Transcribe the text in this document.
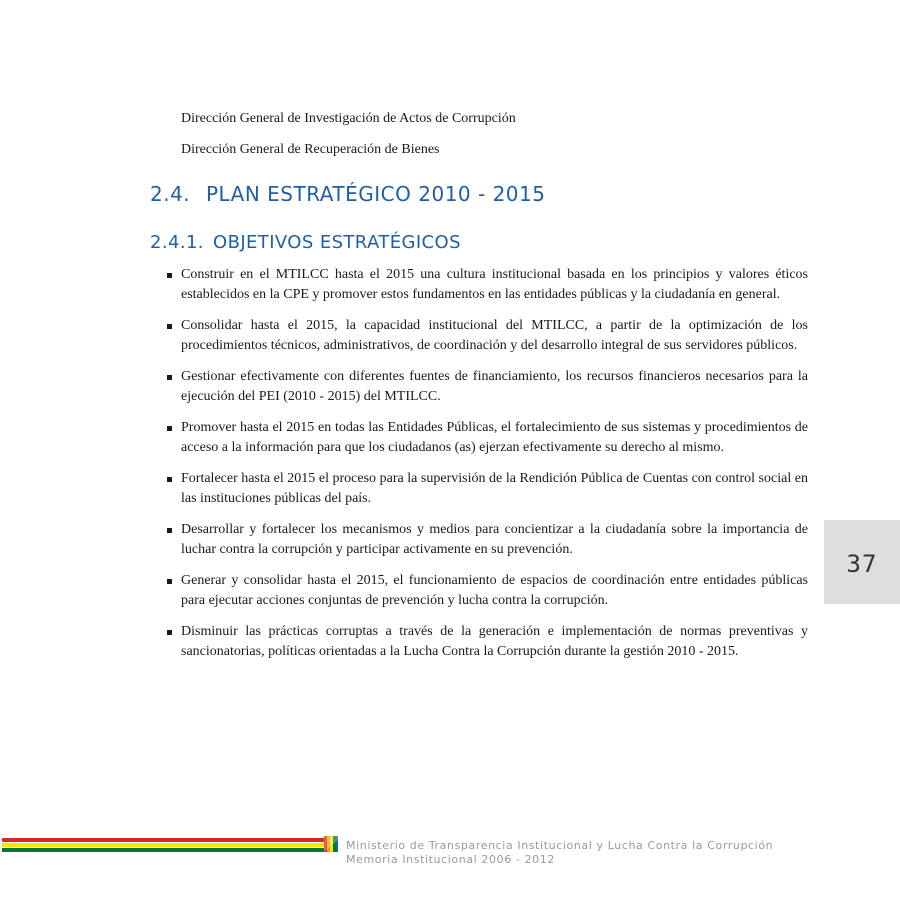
Dirección General de Investigación de Actos de Corrupción
Dirección General de Recuperación de Bienes
2.4. PLAN ESTRATÉGICO 2010 - 2015
2.4.1. OBJETIVOS ESTRATÉGICOS
Construir en el MTILCC hasta el 2015 una cultura institucional basada en los principios y valores éticos establecidos en la CPE y promover estos fundamentos en las entidades públicas y la ciudadanía en general.
Consolidar hasta el 2015, la capacidad institucional del MTILCC, a partir de la optimización de los procedimientos técnicos, administrativos, de coordinación y del desarrollo integral de sus servidores públicos.
Gestionar efectivamente con diferentes fuentes de financiamiento, los recursos financieros necesarios para la ejecución del PEI (2010 - 2015) del MTILCC.
Promover hasta el 2015 en todas las Entidades Públicas, el fortalecimiento de sus sistemas y procedimientos de acceso a la información para que los ciudadanos (as) ejerzan efectivamente su derecho al mismo.
Fortalecer hasta el 2015 el proceso para la supervisión de la Rendición Pública de Cuentas con control social en las instituciones públicas del país.
Desarrollar y fortalecer los mecanismos y medios para concientizar a la ciudadanía sobre la importancia de luchar contra la corrupción y participar activamente en su prevención.
Generar y consolidar hasta el 2015, el funcionamiento de espacios de coordinación entre entidades públicas para ejecutar acciones conjuntas de prevención y lucha contra la corrupción.
Disminuir las prácticas corruptas a través de la generación e implementación de normas preventivas y sancionatorias, políticas orientadas a la Lucha Contra la Corrupción durante la gestión 2010 - 2015.
37
Ministerio de Transparencia Institucional y Lucha Contra la Corrupción
Memoria Institucional 2006 - 2012
